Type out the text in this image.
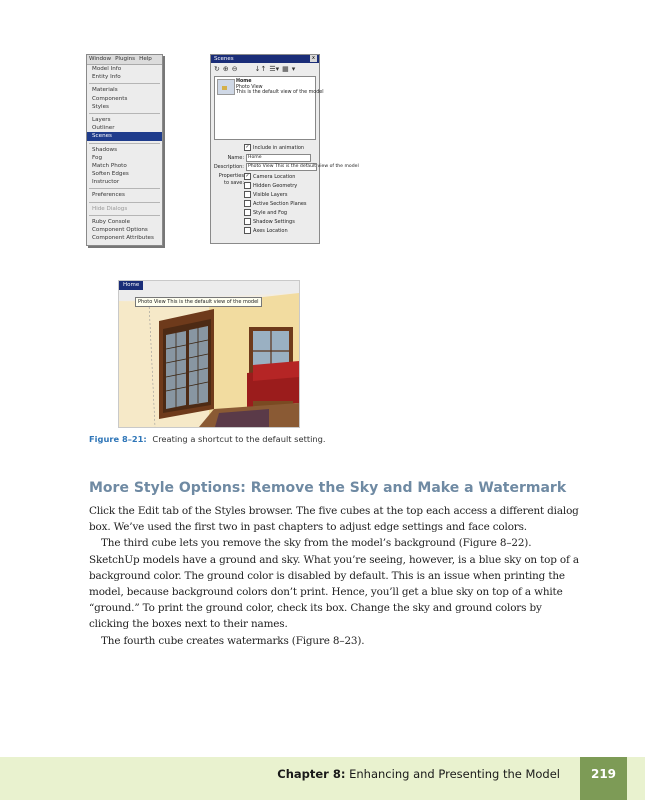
Window Plugins Help
Model Info
Entity Info
Materials
Components
Styles
Layers
Outliner
Scenes
Shadows
Fog
Match Photo
Soften Edges
Instructor
Preferences
Hide Dialogs
Ruby Console
Component Options
Component Attributes
Scenes	x
↻ ⊕ ⊖ ↓↑ ☰▾ ▦ ▾
Home
Photo View
This is the default view of the model
✓ Include in animation
Name: Home
Description: Photo View This is the default view of the model
Properties
to save:
✓ Camera Location
Hidden Geometry
Visible Layers
Active Section Planes
Style and Fog
Shadow Settings
Axes Location
Home
Photo View This is the default view of the model
Figure 8–21: Creating a shortcut to the default setting.
More Style Options: Remove the Sky and Make a Watermark

Click the Edit tab of the Styles browser. The five cubes at the top each access a different dialog box. We’ve used the first two in past chapters to adjust edge settings and face colors.

The third cube lets you remove the sky from the model’s background (Figure 8–22). SketchUp models have a ground and sky. What you’re seeing, however, is a blue sky on top of a background color. The ground color is disabled by default. This is an issue when printing the model, because background colors don’t print. Hence, you’ll get a blue sky on top of a white “ground.” To print the ground color, check its box. Change the sky and ground colors by clicking the boxes next to their names.

The fourth cube creates watermarks (Figure 8–23).

Chapter 8: Enhancing and Presenting the Model	219
